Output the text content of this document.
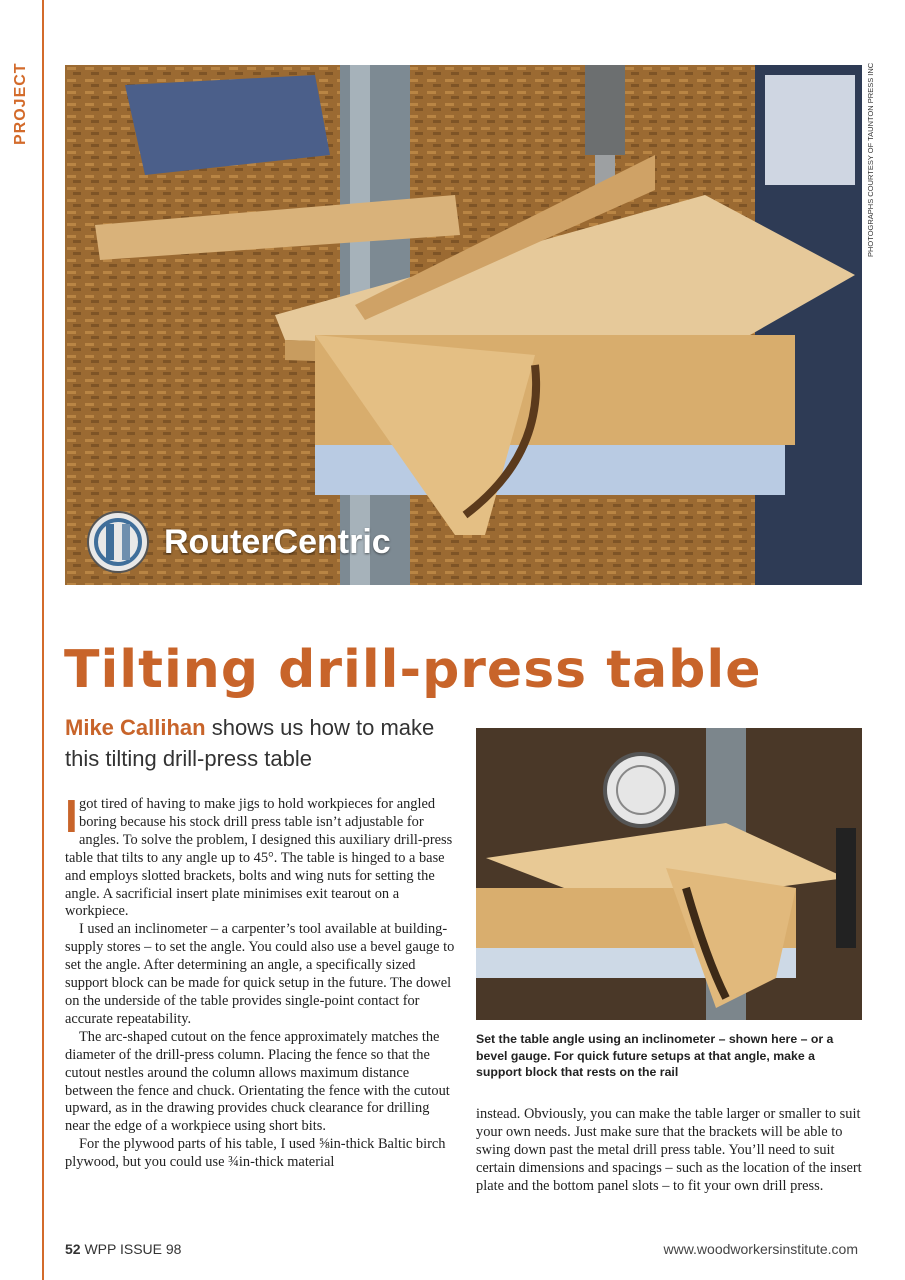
PROJECT	PHOTOGRAPHS COURTESY OF TAUNTON PRESS INC
RouterCentric
Tilting drill-press table
Mike Callihan shows us how to make this tilting drill-press table

I got tired of having to make jigs to hold workpieces for angled boring because his stock drill press table isn’t adjustable for angles. To solve the problem, I designed this auxiliary drill-press table that tilts to any angle up to 45°. The table is hinged to a base and employs slotted brackets, bolts and wing nuts for setting the angle. A sacrificial insert plate minimises exit tearout on a workpiece.

I used an inclinometer – a carpenter’s tool available at building-supply stores – to set the angle. You could also use a bevel gauge to set the angle. After determining an angle, a specifically sized support block can be made for quick setup in the future. The dowel on the underside of the table provides single-point contact for accurate repeatability.

The arc-shaped cutout on the fence approximately matches the diameter of the drill-press column. Placing the fence so that the cutout nestles around the column allows maximum distance between the fence and chuck. Orientating the fence with the cutout upward, as in the drawing provides chuck clearance for drilling near the edge of a workpiece using short bits.

For the plywood parts of his table, I used ⅝in-thick Baltic birch plywood, but you could use ¾in-thick material

Set the table angle using an inclinometer – shown here – or a bevel gauge. For quick future setups at that angle, make a support block that rests on the rail

instead. Obviously, you can make the table larger or smaller to suit your own needs. Just make sure that the brackets will be able to swing down past the metal drill press table. You’ll need to suit certain dimensions and spacings – such as the location of the insert plate and the bottom panel slots – to fit your own drill press.

52 WPP ISSUE 98	www.woodworkersinstitute.com
